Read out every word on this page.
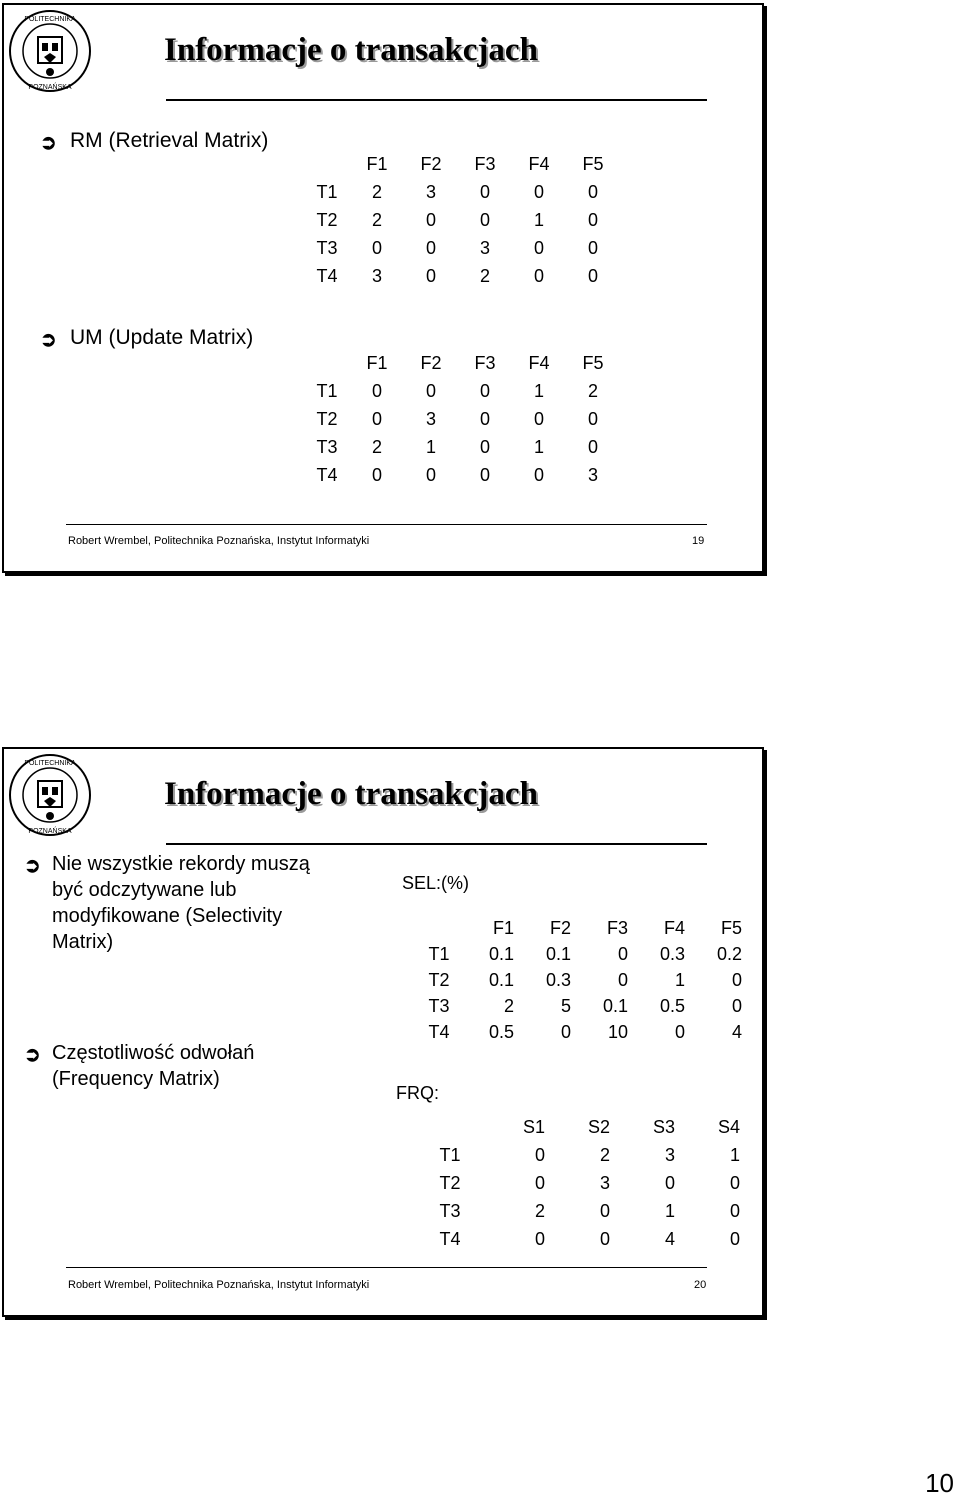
POLITECHNIKA
POZNAŃSKA
Informacje o transakcjach
➲ RM (Retrieval Matrix)
	F1	F2	F3	F4	F5
T1	2	3	0	0	0
T2	2	0	0	1	0
T3	0	0	3	0	0
T4	3	0	2	0	0
➲ UM (Update Matrix)
	F1	F2	F3	F4	F5
T1	0	0	0	1	2
T2	0	3	0	0	0
T3	2	1	0	1	0
T4	0	0	0	0	3
Robert Wrembel, Politechnika Poznańska, Instytut Informatyki	19
POLITECHNIKA
POZNAŃSKA
Informacje o transakcjach
➲ Nie wszystkie rekordy muszą
być odczytywane lub
modyfikowane (Selectivity
Matrix)
➲ Częstotliwość odwołań
(Frequency Matrix)
SEL:(%)
	F1	F2	F3	F4	F5
T1	0.1	0.1	0	0.3	0.2
T2	0.1	0.3	0	1	0
T3	2	5	0.1	0.5	0
T4	0.5	0	10	0	4
FRQ:
	S1	S2	S3	S4
T1	0	2	3	1
T2	0	3	0	0
T3	2	0	1	0
T4	0	0	4	0
Robert Wrembel, Politechnika Poznańska, Instytut Informatyki	20
10
